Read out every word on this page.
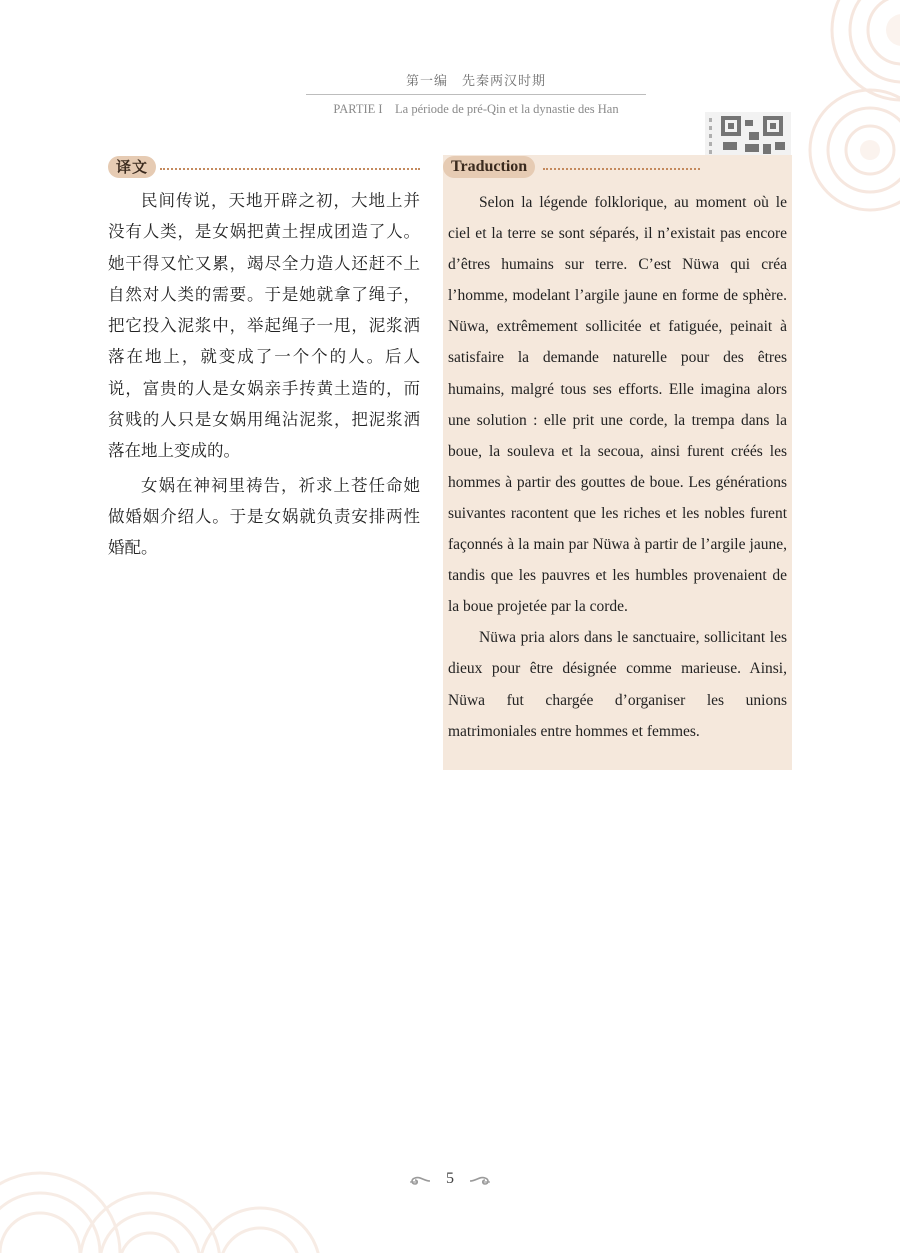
第一编　先秦两汉时期
PARTIE I　La période de pré-Qin et la dynastie des Han
译文

民间传说，天地开辟之初，大地上并没有人类，是女娲把黄土捏成团造了人。她干得又忙又累，竭尽全力造人还赶不上自然对人类的需要。于是她就拿了绳子，把它投入泥浆中，举起绳子一甩，泥浆洒落在地上，就变成了一个个的人。后人说，富贵的人是女娲亲手抟黄土造的，而贫贱的人只是女娲用绳沾泥浆，把泥浆洒落在地上变成的。

女娲在神祠里祷告，祈求上苍任命她做婚姻介绍人。于是女娲就负责安排两性婚配。

Traduction

Selon la légende folklorique, au moment où le ciel et la terre se sont séparés, il n’existait pas encore d’êtres humains sur terre. C’est Nüwa qui créa l’homme, modelant l’argile jaune en forme de sphère. Nüwa, extrêmement sollicitée et fatiguée, peinait à satisfaire la demande naturelle pour des êtres humains, malgré tous ses efforts. Elle imagina alors une solution : elle prit une corde, la trempa dans la boue, la souleva et la secoua, ainsi furent créés les hommes à partir des gouttes de boue. Les générations suivantes racontent que les riches et les nobles furent façonnés à la main par Nüwa à partir de l’argile jaune, tandis que les pauvres et les humbles provenaient de la boue projetée par la corde.

Nüwa pria alors dans le sanctuaire, sollicitant les dieux pour être désignée comme marieuse. Ainsi, Nüwa fut chargée d’organiser les unions matrimoniales entre hommes et femmes.

5
